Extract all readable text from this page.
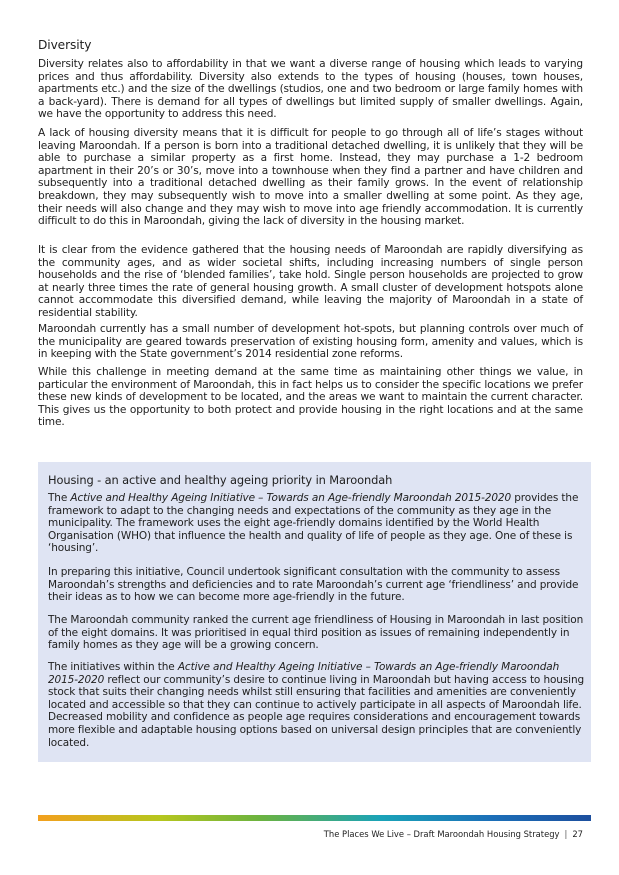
Diversity

Diversity relates also to affordability in that we want a diverse range of housing which leads to varying prices and thus affordability. Diversity also extends to the types of housing (houses, town houses, apartments etc.) and the size of the dwellings (studios, one and two bedroom or large family homes with a back-yard). There is demand for all types of dwellings but limited supply of smaller dwellings. Again, we have the opportunity to address this need.

A lack of housing diversity means that it is difficult for people to go through all of life’s stages without leaving Maroondah. If a person is born into a traditional detached dwelling, it is unlikely that they will be able to purchase a similar property as a first home. Instead, they may purchase a 1-2 bedroom apartment in their 20’s or 30’s, move into a townhouse when they find a partner and have children and subsequently into a traditional detached dwelling as their family grows. In the event of relationship breakdown, they may subsequently wish to move into a smaller dwelling at some point. As they age, their needs will also change and they may wish to move into age friendly accommodation. It is currently difficult to do this in Maroondah, giving the lack of diversity in the housing market.

It is clear from the evidence gathered that the housing needs of Maroondah are rapidly diversifying as the community ages, and as wider societal shifts, including increasing numbers of single person households and the rise of ‘blended families’, take hold. Single person households are projected to grow at nearly three times the rate of general housing growth. A small cluster of development hotspots alone cannot accommodate this diversified demand, while leaving the majority of Maroondah in a state of residential stability.

Maroondah currently has a small number of development hot-spots, but planning controls over much of the municipality are geared towards preservation of existing housing form, amenity and values, which is in keeping with the State government’s 2014 residential zone reforms.

While this challenge in meeting demand at the same time as maintaining other things we value, in particular the environment of Maroondah, this in fact helps us to consider the specific locations we prefer these new kinds of development to be located, and the areas we want to maintain the current character. This gives us the opportunity to both protect and provide housing in the right locations and at the same time.

Housing - an active and healthy ageing priority in Maroondah

The Active and Healthy Ageing Initiative – Towards an Age-friendly Maroondah 2015-2020 provides the framework to adapt to the changing needs and expectations of the community as they age in the municipality. The framework uses the eight age-friendly domains identified by the World Health Organisation (WHO) that influence the health and quality of life of people as they age. One of these is ‘housing’.

In preparing this initiative, Council undertook significant consultation with the community to assess Maroondah’s strengths and deficiencies and to rate Maroondah’s current age ‘friendliness’ and provide their ideas as to how we can become more age-friendly in the future.

The Maroondah community ranked the current age friendliness of Housing in Maroondah in last position of the eight domains. It was prioritised in equal third position as issues of remaining independently in family homes as they age will be a growing concern.

The initiatives within the Active and Healthy Ageing Initiative – Towards an Age-friendly Maroondah 2015-2020 reflect our community’s desire to continue living in Maroondah but having access to housing stock that suits their changing needs whilst still ensuring that facilities and amenities are conveniently located and accessible so that they can continue to actively participate in all aspects of Maroondah life. Decreased mobility and confidence as people age requires considerations and encouragement towards more flexible and adaptable housing options based on universal design principles that are conveniently located.

The Places We Live – Draft Maroondah Housing Strategy | 27
